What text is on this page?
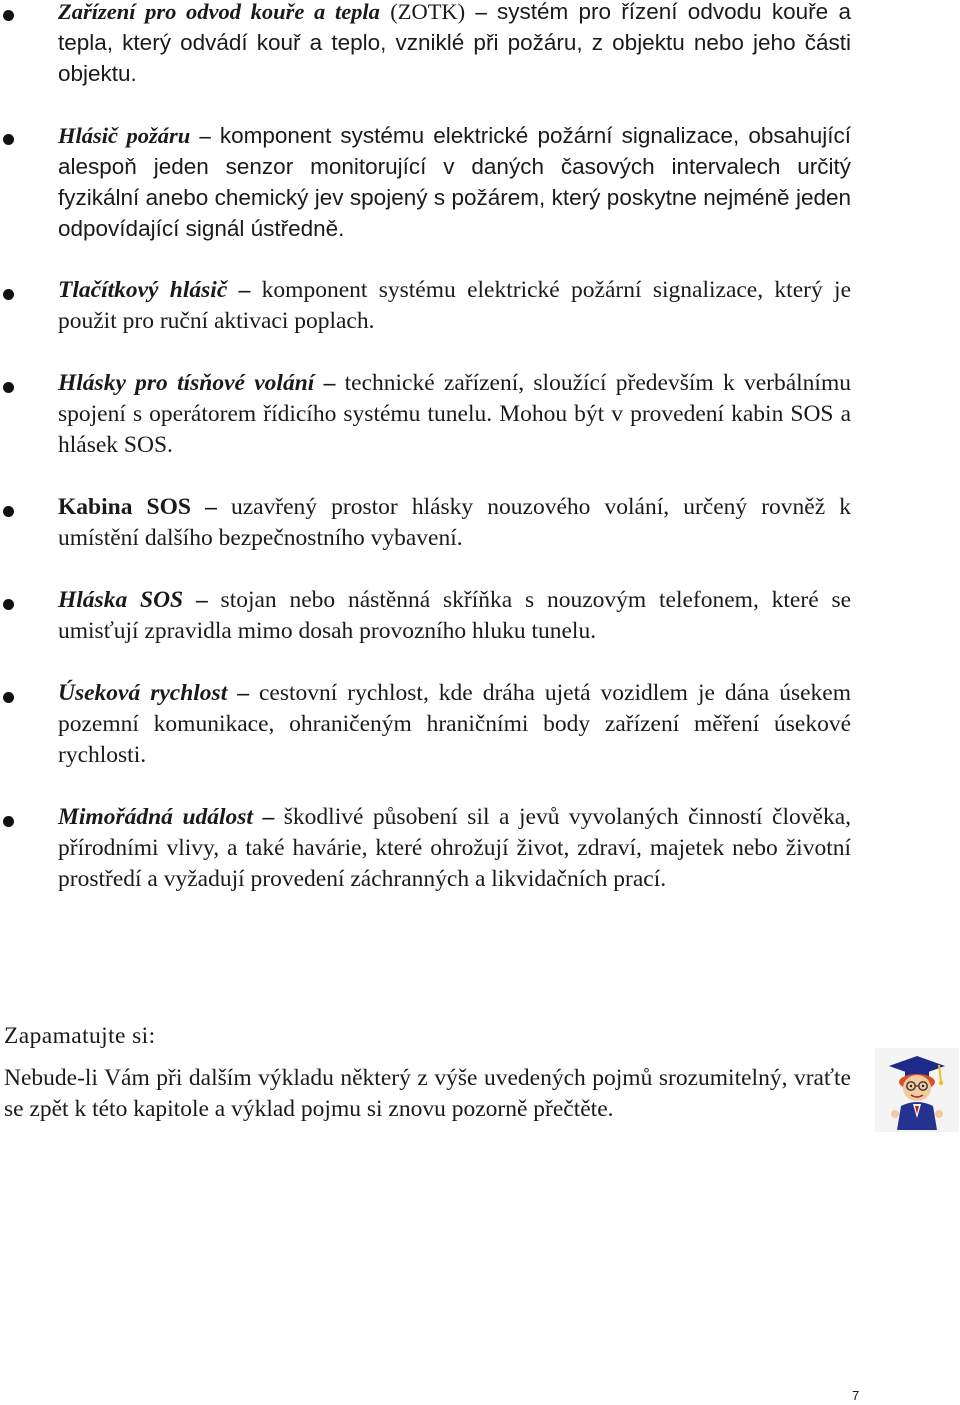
Zařízení pro odvod kouře a tepla (ZOTK) – systém pro řízení odvodu kouře a tepla, který odvádí kouř a teplo, vzniklé při požáru, z objektu nebo jeho části objektu.
Hlásič požáru – komponent systému elektrické požární signalizace, obsahující alespoň jeden senzor monitorující v daných časových intervalech určitý fyzikální anebo chemický jev spojený s požárem, který poskytne nejméně jeden odpovídající signál ústředně.
Tlačítkový hlásič – komponent systému elektrické požární signalizace, který je použit pro ruční aktivaci poplach.
Hlásky pro tísňové volání – technické zařízení, sloužící především k verbálnímu spojení s operátorem řídicího systému tunelu. Mohou být v provedení kabin SOS a hlásek SOS.
Kabina SOS – uzavřený prostor hlásky nouzového volání, určený rovněž k umístění dalšího bezpečnostního vybavení.
Hláska SOS – stojan nebo nástěnná skříňka s nouzovým telefonem, které se umisťují zpravidla mimo dosah provozního hluku tunelu.
Úseková rychlost – cestovní rychlost, kde dráha ujetá vozidlem je dána úsekem pozemní komunikace, ohraničeným hraničními body zařízení měření úsekové rychlosti.
Mimořádná událost – škodlivé působení sil a jevů vyvolaných činností člověka, přírodními vlivy, a také havárie, které ohrožují život, zdraví, majetek nebo životní prostředí a vyžadují provedení záchranných a likvidačních prací.
Zapamatujte si:
Nebude-li Vám při dalším výkladu některý z výše uvedených pojmů srozumitelný, vraťte se zpět k této kapitole a výklad pojmu si znovu pozorně přečtěte.
7
